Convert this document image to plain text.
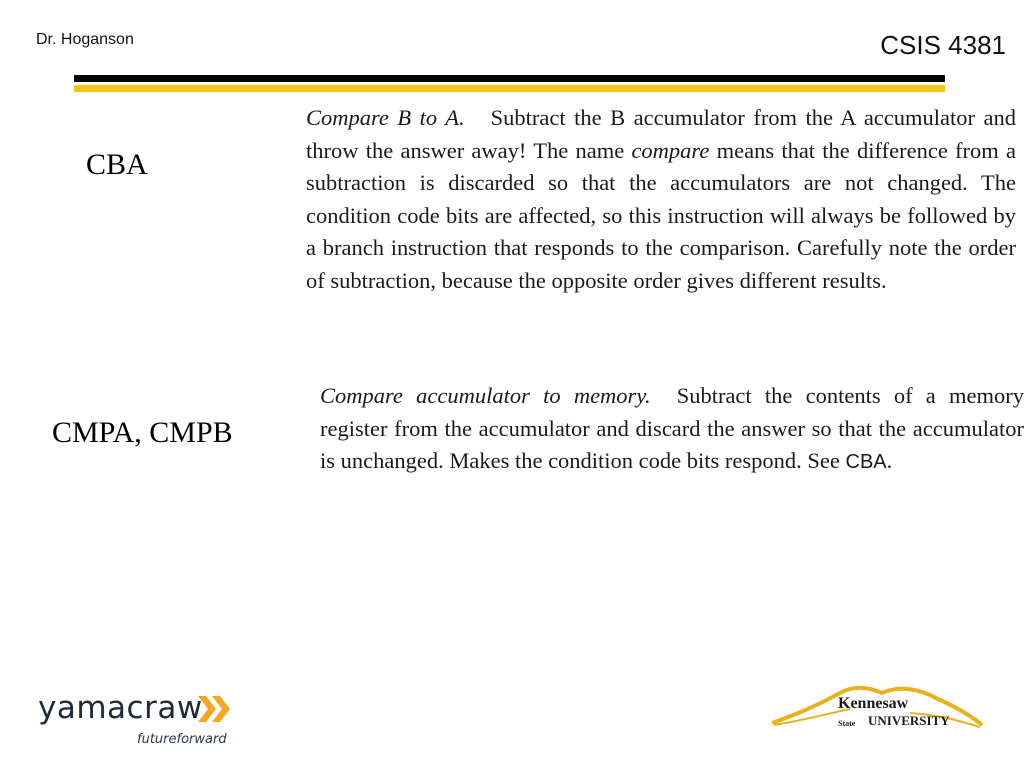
Dr. Hoganson	CSIS 4381
CBA
Compare B to A. Subtract the B accumulator from the A accumulator and throw the answer away! The name compare means that the difference from a subtraction is discarded so that the accumulators are not changed. The condition code bits are affected, so this instruction will always be followed by a branch instruction that responds to the comparison. Carefully note the order of subtraction, because the opposite order gives different results.
CMPA, CMPB
Compare accumulator to memory. Subtract the contents of a memory register from the accumulator and discard the answer so that the accumulator is unchanged. Makes the condition code bits respond. See CBA.
yamacraw
futureforward
Kennesaw
State UNIVERSITY
